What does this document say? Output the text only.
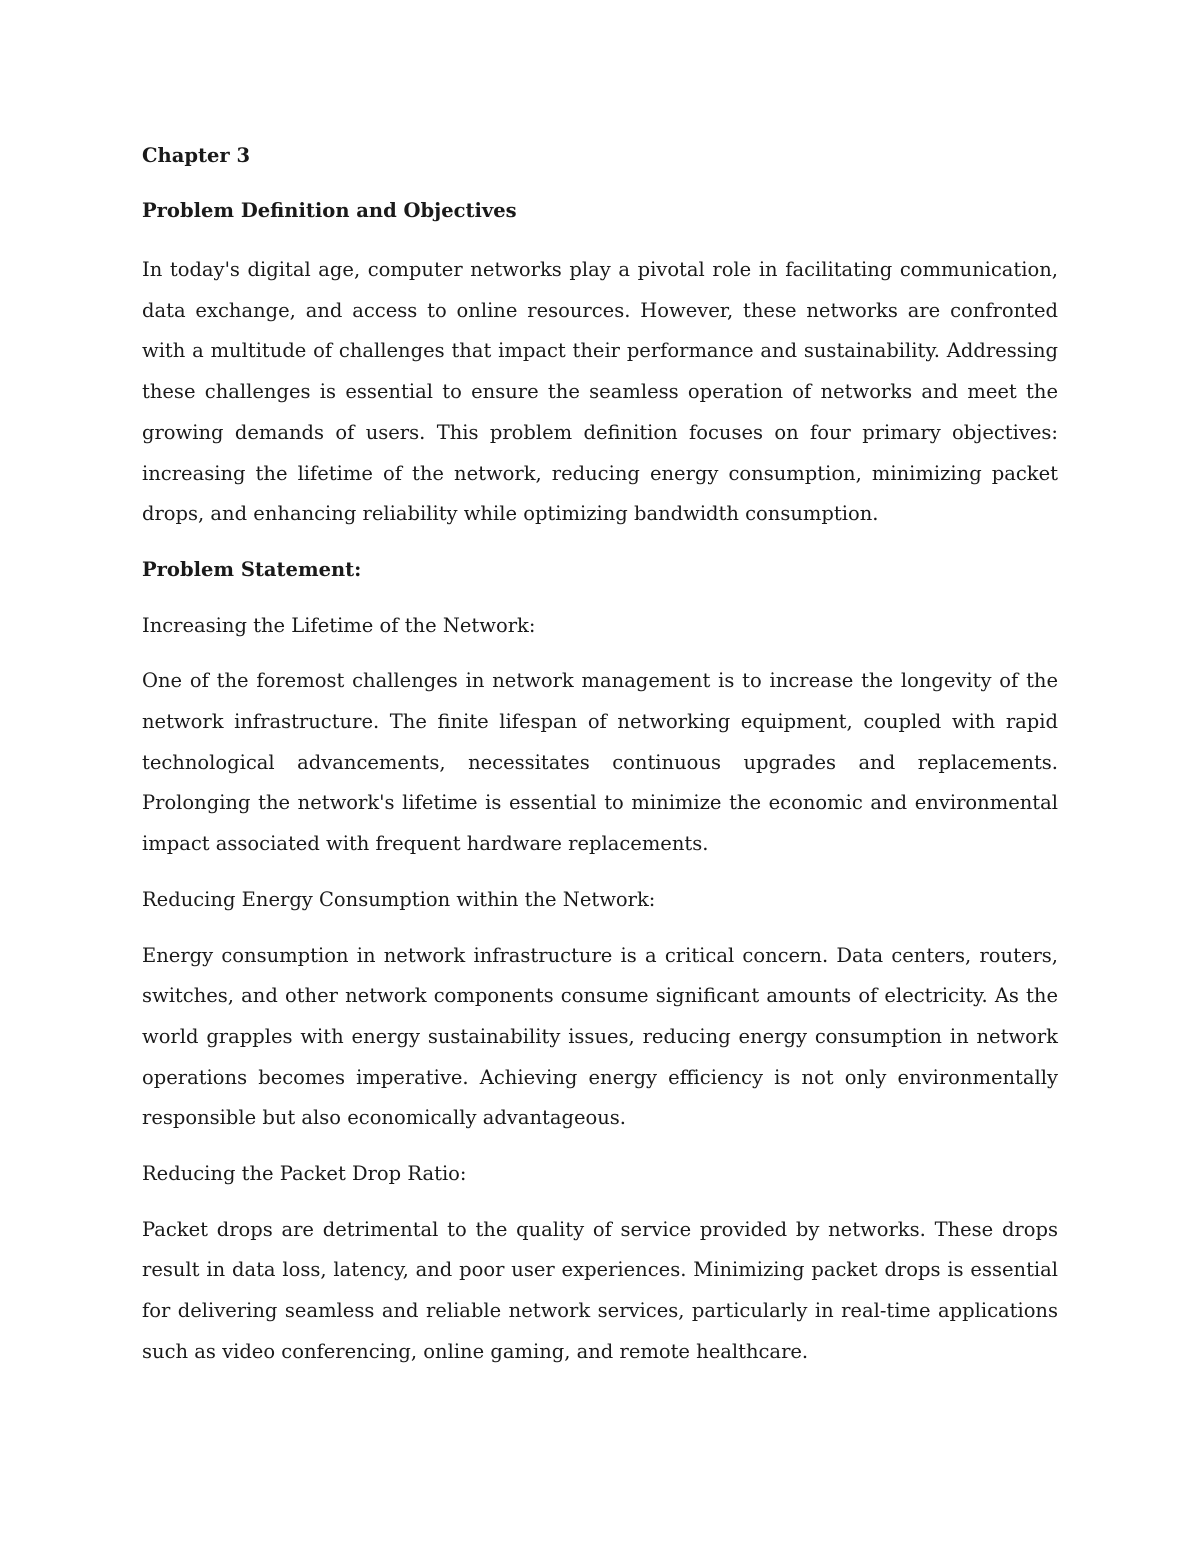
Chapter 3

Problem Definition and Objectives

In today's digital age, computer networks play a pivotal role in facilitating communication, data exchange, and access to online resources. However, these networks are confronted with a multitude of challenges that impact their performance and sustainability. Addressing these challenges is essential to ensure the seamless operation of networks and meet the growing demands of users. This problem definition focuses on four primary objectives: increasing the lifetime of the network, reducing energy consumption, minimizing packet drops, and enhancing reliability while optimizing bandwidth consumption.

Problem Statement:

Increasing the Lifetime of the Network:

One of the foremost challenges in network management is to increase the longevity of the network infrastructure. The finite lifespan of networking equipment, coupled with rapid technological advancements, necessitates continuous upgrades and replacements. Prolonging the network's lifetime is essential to minimize the economic and environmental impact associated with frequent hardware replacements.

Reducing Energy Consumption within the Network:

Energy consumption in network infrastructure is a critical concern. Data centers, routers, switches, and other network components consume significant amounts of electricity. As the world grapples with energy sustainability issues, reducing energy consumption in network operations becomes imperative. Achieving energy efficiency is not only environmentally responsible but also economically advantageous.

Reducing the Packet Drop Ratio:

Packet drops are detrimental to the quality of service provided by networks. These drops result in data loss, latency, and poor user experiences. Minimizing packet drops is essential for delivering seamless and reliable network services, particularly in real-time applications such as video conferencing, online gaming, and remote healthcare.
